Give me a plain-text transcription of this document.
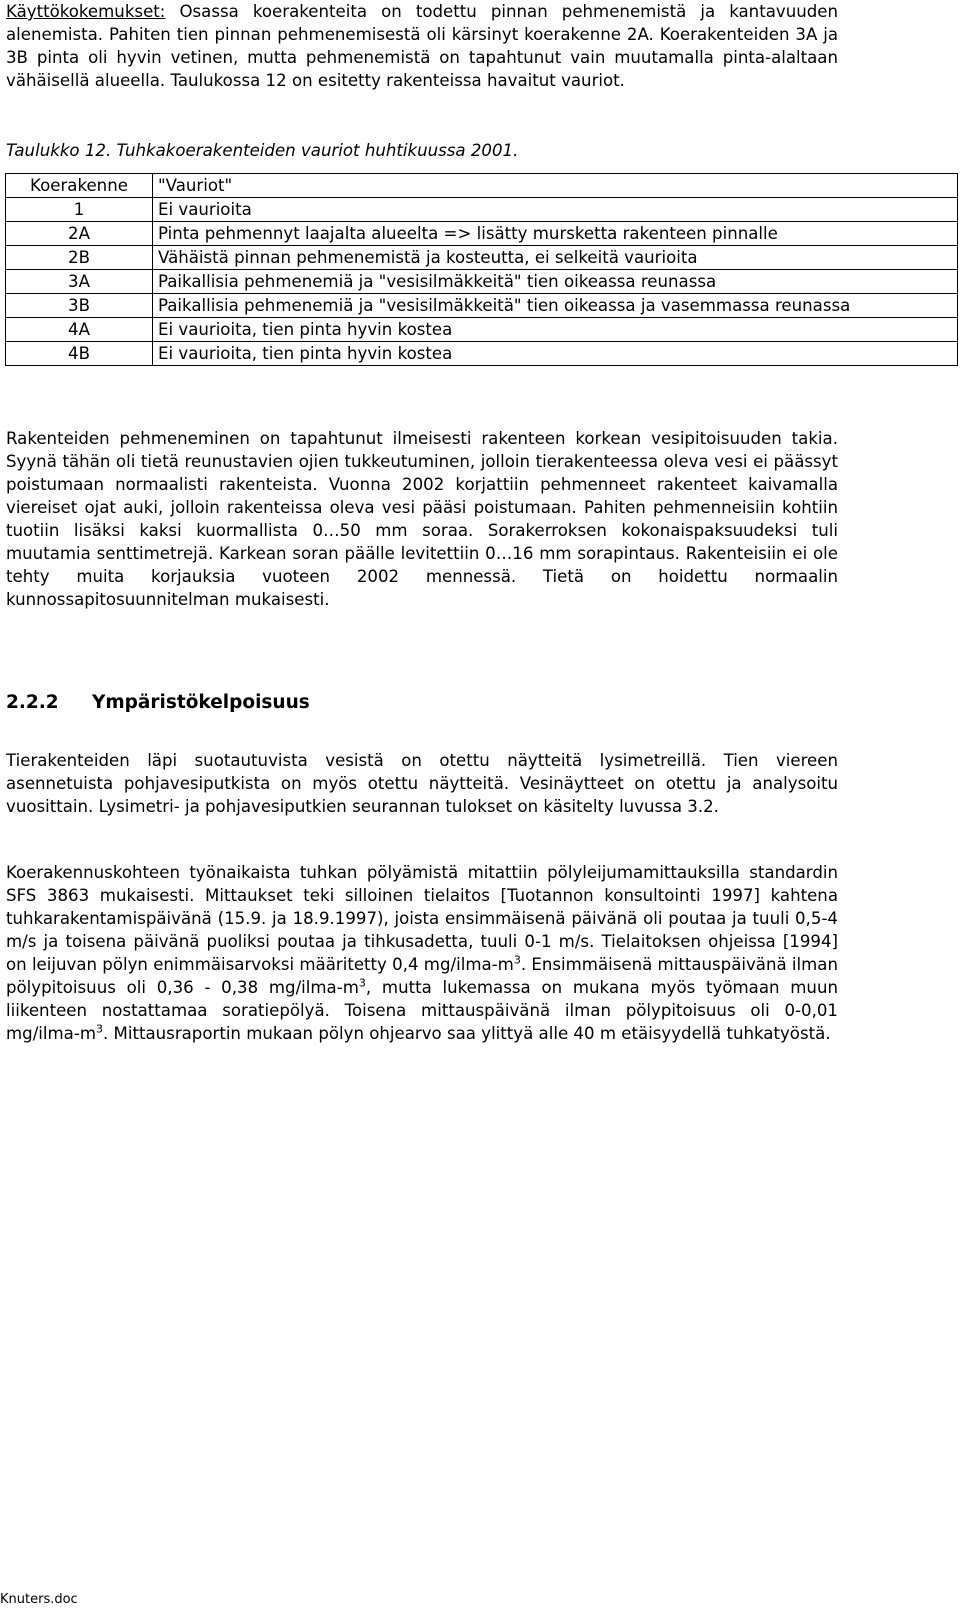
Käyttökokemukset: Osassa koerakenteita on todettu pinnan pehmenemistä ja kantavuuden alenemista. Pahiten tien pinnan pehmenemisestä oli kärsinyt koerakenne 2A. Koerakenteiden 3A ja 3B pinta oli hyvin vetinen, mutta pehmenemistä on tapahtunut vain muutamalla pinta-alaltaan vähäisellä alueella. Taulukossa 12 on esitetty rakenteissa havaitut vauriot.

Taulukko 12. Tuhkakoerakenteiden vauriot huhtikuussa 2001.

Koerakenne	"Vauriot"
1	Ei vaurioita
2A	Pinta pehmennyt laajalta alueelta => lisätty mursketta rakenteen pinnalle
2B	Vähäistä pinnan pehmenemistä ja kosteutta, ei selkeitä vaurioita
3A	Paikallisia pehmenemiä ja "vesisilmäkkeitä" tien oikeassa reunassa
3B	Paikallisia pehmenemiä ja "vesisilmäkkeitä" tien oikeassa ja vasemmassa reunassa
4A	Ei vaurioita, tien pinta hyvin kostea
4B	Ei vaurioita, tien pinta hyvin kostea

Rakenteiden pehmeneminen on tapahtunut ilmeisesti rakenteen korkean vesipitoisuuden takia. Syynä tähän oli tietä reunustavien ojien tukkeutuminen, jolloin tierakenteessa oleva vesi ei päässyt poistumaan normaalisti rakenteista. Vuonna 2002 korjattiin pehmenneet rakenteet kaivamalla viereiset ojat auki, jolloin rakenteissa oleva vesi pääsi poistumaan. Pahiten pehmenneisiin kohtiin tuotiin lisäksi kaksi kuormallista 0…50 mm soraa. Sorakerroksen kokonaispaksuudeksi tuli muutamia senttimetrejä. Karkean soran päälle levitettiin 0…16 mm sorapintaus. Rakenteisiin ei ole tehty muita korjauksia vuoteen 2002 mennessä. Tietä on hoidettu normaalin kunnossapitosuunnitelman mukaisesti.

2.2.2 Ympäristökelpoisuus

Tierakenteiden läpi suotautuvista vesistä on otettu näytteitä lysimetreillä. Tien viereen asennetuista pohjavesiputkista on myös otettu näytteitä. Vesinäytteet on otettu ja analysoitu vuosittain. Lysimetri- ja pohjavesiputkien seurannan tulokset on käsitelty luvussa 3.2.

Koerakennuskohteen työnaikaista tuhkan pölyämistä mitattiin pölyleijumamittauksilla standardin SFS 3863 mukaisesti. Mittaukset teki silloinen tielaitos [Tuotannon konsultointi 1997] kahtena tuhkarakentamispäivänä (15.9. ja 18.9.1997), joista ensimmäisenä päivänä oli poutaa ja tuuli 0,5-4 m/s ja toisena päivänä puoliksi poutaa ja tihkusadetta, tuuli 0-1 m/s. Tielaitoksen ohjeissa [1994] on leijuvan pölyn enimmäisarvoksi määritetty 0,4 $mg/ilma-m^3$. Ensimmäisenä mittauspäivänä ilman pölypitoisuus oli 0,36 - 0,38 $mg/ilma-m^3$, mutta lukemassa on mukana myös työmaan muun liikenteen nostattamaa soratiepölyä. Toisena mittauspäivänä ilman pölypitoisuus oli 0-0,01 $mg/ilma-m^3$. Mittausraportin mukaan pölyn ohjearvo saa ylittyä alle 40 m etäisyydellä tuhkatyöstä.

Knuters.doc
